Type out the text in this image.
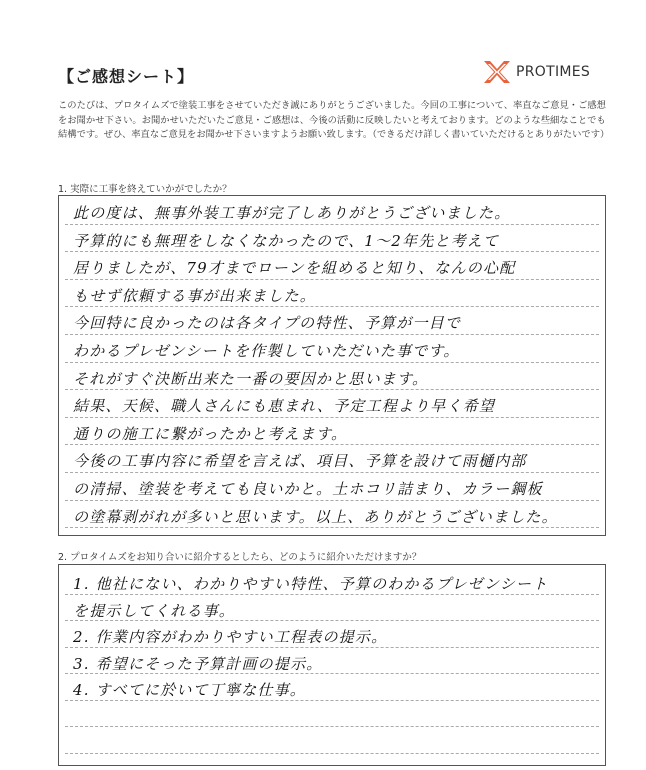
【ご感想シート】	PROTIMES
このたびは、プロタイムズで塗装工事をさせていただき誠にありがとうございました。今回の工事について、率直なご意見・ご感想をお聞かせ下さい。お聞かせいただいたご意見・ご感想は、今後の活動に反映したいと考えております。どのような些細なことでも結構です。ぜひ、率直なご意見をお聞かせ下さいますようお願い致します。（できるだけ詳しく書いていただけるとありがたいです）
1. 実際に工事を終えていかがでしたか？
此の度は、無事外装工事が完了しありがとうございました。
予算的にも無理をしなくなかったので、1〜2年先と考えて
居りましたが、79才までローンを組めると知り、なんの心配
もせず依頼する事が出来ました。
今回特に良かったのは各タイプの特性、予算が一目で
わかるプレゼンシートを作製していただいた事です。
それがすぐ決断出来た一番の要因かと思います。
結果、天候、職人さんにも恵まれ、予定工程より早く希望
通りの施工に繋がったかと考えます。
今後の工事内容に希望を言えば、項目、予算を設けて雨樋内部
の清掃、塗装を考えても良いかと。土ホコリ詰まり、カラー鋼板
の塗幕剥がれが多いと思います。以上、ありがとうございました。
2. プロタイムズをお知り合いに紹介するとしたら、どのように紹介いただけますか？
1. 他社にない、わかりやすい特性、予算のわかるプレゼンシート
を提示してくれる事。
2. 作業内容がわかりやすい工程表の提示。
3. 希望にそった予算計画の提示。
4. すべてに於いて丁寧な仕事。
